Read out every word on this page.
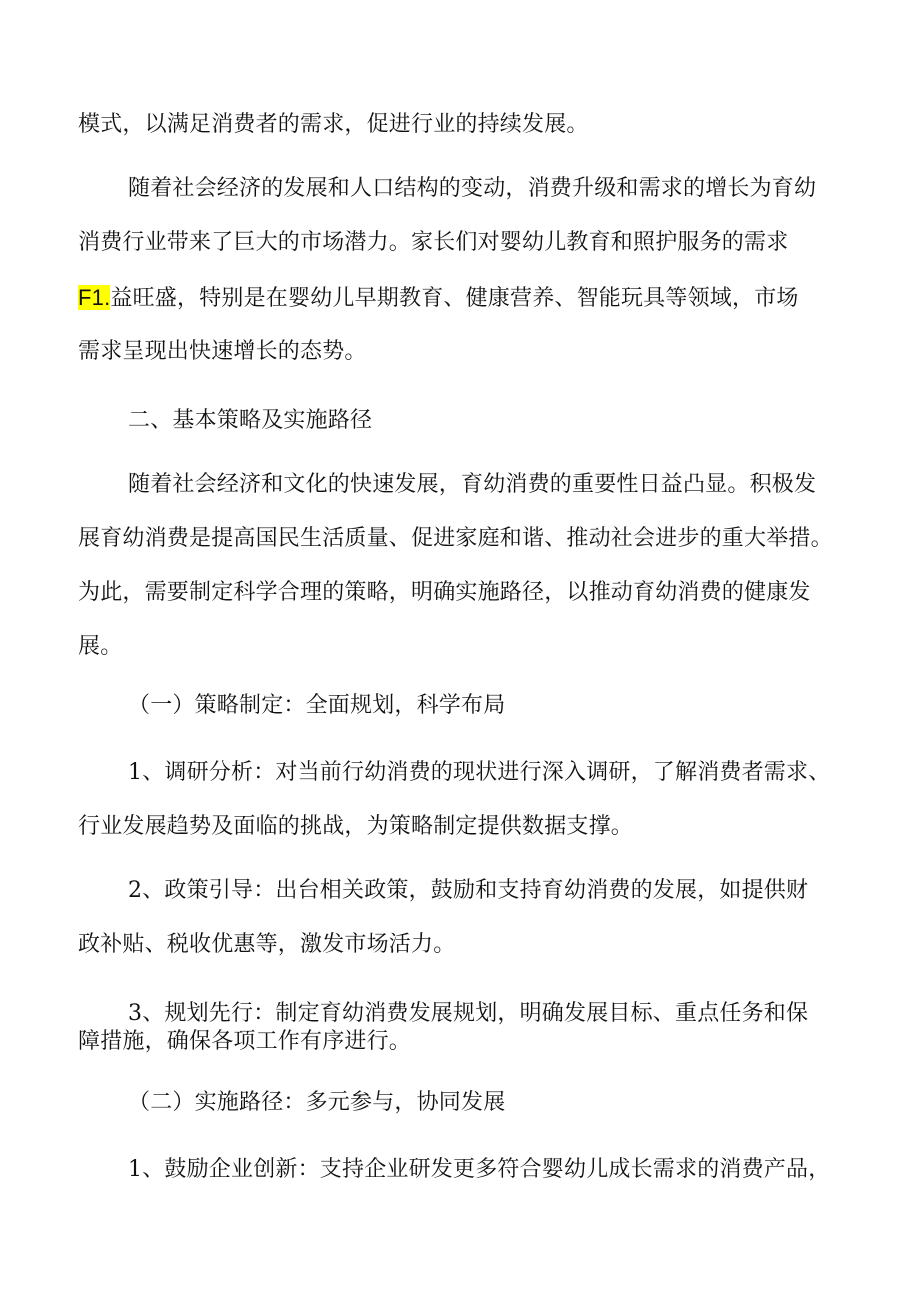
模式，以满足消费者的需求，促进行业的持续发展。
随着社会经济的发展和人口结构的变动，消费升级和需求的增长为育幼
消费行业带来了巨大的市场潜力。家长们对婴幼儿教育和照护服务的需求
F1.益旺盛，特别是在婴幼儿早期教育、健康营养、智能玩具等领域，市场
需求呈现出快速增长的态势。
二、基本策略及实施路径
随着社会经济和文化的快速发展，育幼消费的重要性日益凸显。积极发
展育幼消费是提高国民生活质量、促进家庭和谐、推动社会进步的重大举措。
为此，需要制定科学合理的策略，明确实施路径，以推动育幼消费的健康发
展。
（一）策略制定：全面规划，科学布局
1、调研分析：对当前行幼消费的现状进行深入调研，了解消费者需求、
行业发展趋势及面临的挑战，为策略制定提供数据支撑。
2、政策引导：出台相关政策，鼓励和支持育幼消费的发展，如提供财
政补贴、税收优惠等，激发市场活力。
3、规划先行：制定育幼消费发展规划，明确发展目标、重点任务和保
障措施，确保各项工作有序进行。
（二）实施路径：多元参与，协同发展
1、鼓励企业创新：支持企业研发更多符合婴幼儿成长需求的消费产品，
